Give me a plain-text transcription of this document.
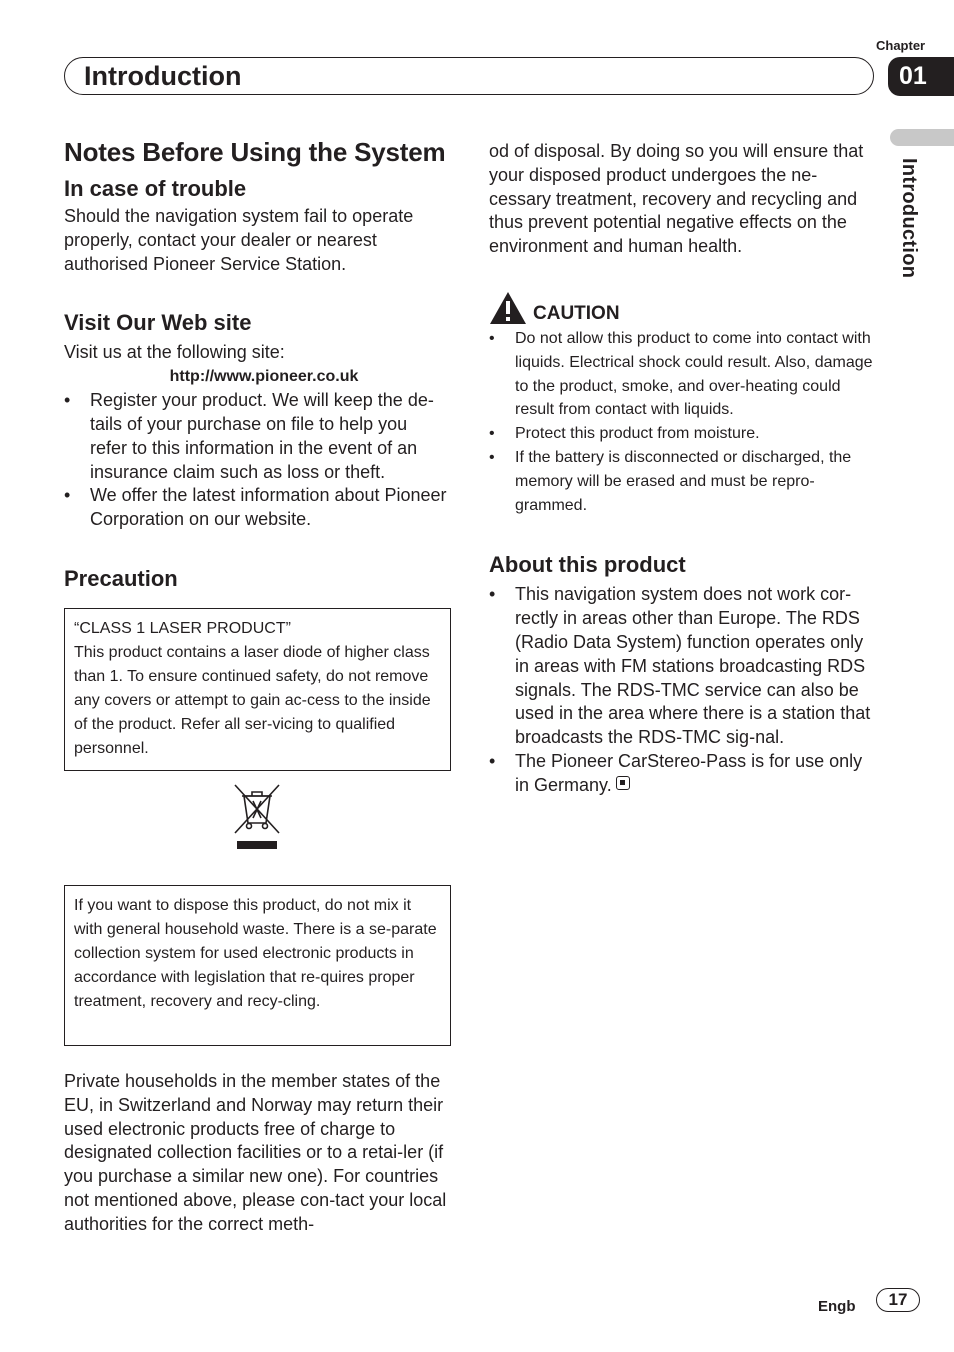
Chapter
Introduction	01
Introduction
Notes Before Using the System
In case of trouble

Should the navigation system fail to operate properly, contact your dealer or nearest authorised Pioneer Service Station.

Visit Our Web site

Visit us at the following site:

http://www.pioneer.co.uk
• Register your product. We will keep the de-tails of your purchase on file to help you refer to this information in the event of an insurance claim such as loss or theft.
• We offer the latest information about Pioneer Corporation on our website.
Precaution

“CLASS 1 LASER PRODUCT”

This product contains a laser diode of higher class than 1. To ensure continued safety, do not remove any covers or attempt to gain ac-cess to the inside of the product. Refer all ser-vicing to qualified personnel.

If you want to dispose this product, do not mix it with general household waste. There is a se-parate collection system for used electronic products in accordance with legislation that re-quires proper treatment, recovery and recy-cling.

Private households in the member states of the EU, in Switzerland and Norway may return their used electronic products free of charge to designated collection facilities or to a retai-ler (if you purchase a similar new one). For countries not mentioned above, please con-tact your local authorities for the correct meth-

od of disposal. By doing so you will ensure that your disposed product undergoes the ne-cessary treatment, recovery and recycling and thus prevent potential negative effects on the environment and human health.

CAUTION
• Do not allow this product to come into contact with liquids. Electrical shock could result. Also, damage to the product, smoke, and over-heating could result from contact with liquids.
• Protect this product from moisture.
• If the battery is disconnected or discharged, the memory will be erased and must be repro-grammed.
About this product
• This navigation system does not work cor-rectly in areas other than Europe. The RDS (Radio Data System) function operates only in areas with FM stations broadcasting RDS signals. The RDS-TMC service can also be used in the area where there is a station that broadcasts the RDS-TMC sig-nal.
• The Pioneer CarStereo-Pass is for use only in Germany.
Engb	17
